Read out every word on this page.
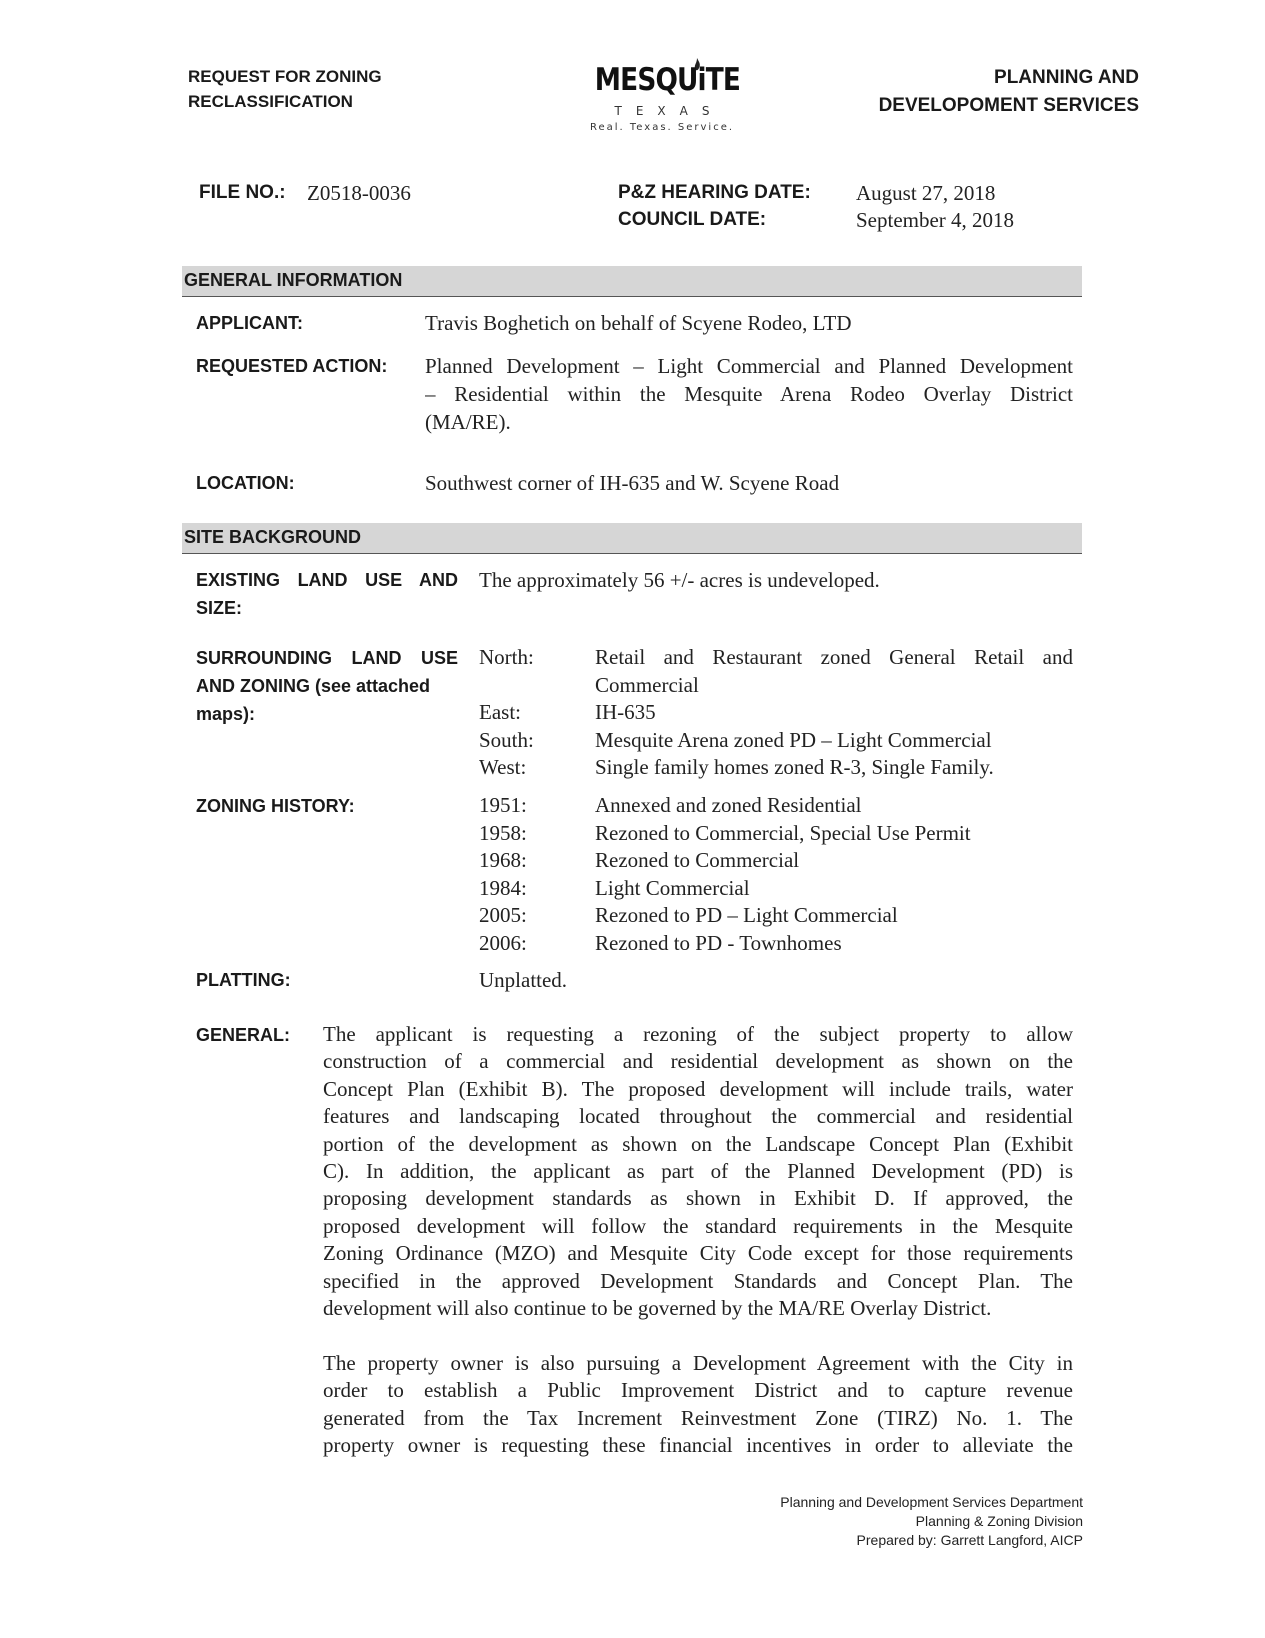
REQUEST FOR ZONING
RECLASSIFICATION
MESQUiTE
TEXAS
Real. Texas. Service.
PLANNING AND
DEVELOPOMENT SERVICES
FILE NO.: Z0518-0036	P&Z HEARING DATE: August 27, 2018
COUNCIL DATE:	September 4, 2018
GENERAL INFORMATION
APPLICANT:	Travis Boghetich on behalf of Scyene Rodeo, LTD
REQUESTED ACTION: Planned Development – Light Commercial and Planned Development
– Residential within the Mesquite Arena Rodeo Overlay District
(MA/RE).
LOCATION:	Southwest corner of IH-635 and W. Scyene Road
SITE BACKGROUND
EXISTING LAND USE AND
SIZE:
The approximately 56 +/- acres is undeveloped.
SURROUNDING LAND USE
AND ZONING (see attached
maps):
North:	Retail and Restaurant zoned General Retail and
Commercial
East:	IH-635
South:	Mesquite Arena zoned PD – Light Commercial
West:	Single family homes zoned R-3, Single Family.
ZONING HISTORY:	1951:	Annexed and zoned Residential
1958:	Rezoned to Commercial, Special Use Permit
1968:	Rezoned to Commercial
1984:	Light Commercial
2005:	Rezoned to PD – Light Commercial
2006:	Rezoned to PD - Townhomes
PLATTING:	Unplatted.
GENERAL: The applicant is requesting a rezoning of the subject property to allow
construction of a commercial and residential development as shown on the
Concept Plan (Exhibit B). The proposed development will include trails, water
features and landscaping located throughout the commercial and residential
portion of the development as shown on the Landscape Concept Plan (Exhibit
C). In addition, the applicant as part of the Planned Development (PD) is
proposing development standards as shown in Exhibit D. If approved, the
proposed development will follow the standard requirements in the Mesquite
Zoning Ordinance (MZO) and Mesquite City Code except for those requirements
specified in the approved Development Standards and Concept Plan. The
development will also continue to be governed by the MA/RE Overlay District.
The property owner is also pursuing a Development Agreement with the City in
order to establish a Public Improvement District and to capture revenue
generated from the Tax Increment Reinvestment Zone (TIRZ) No. 1. The
property owner is requesting these financial incentives in order to alleviate the
Planning and Development Services Department
Planning & Zoning Division
Prepared by: Garrett Langford, AICP
